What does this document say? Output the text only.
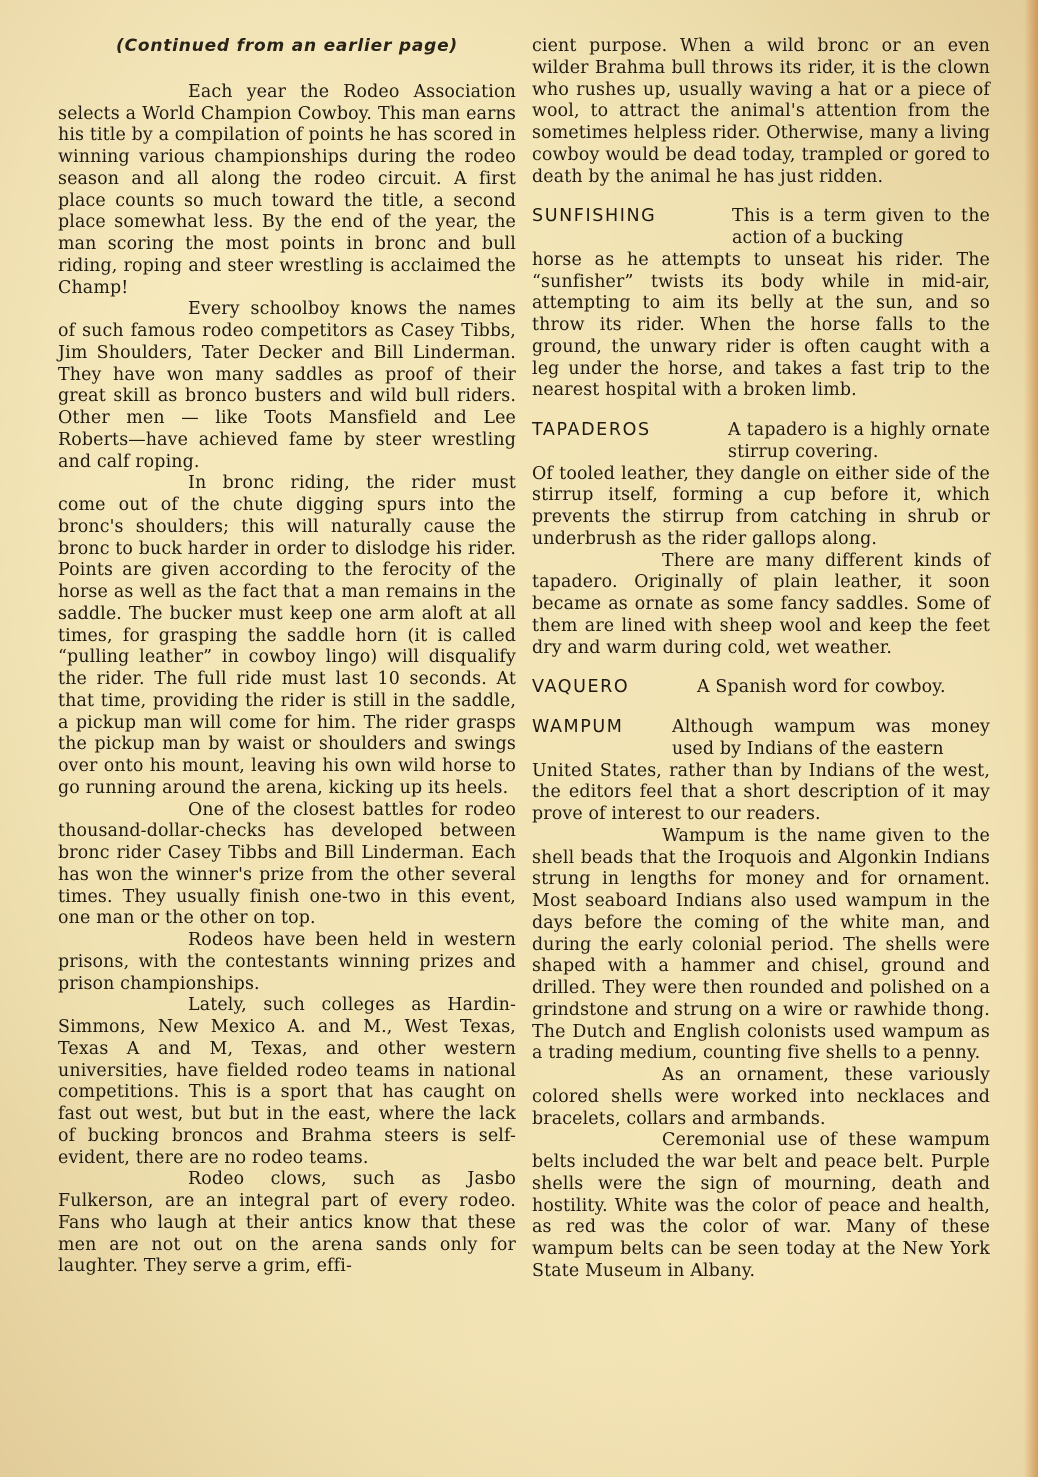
(Continued from an earlier page)

Each year the Rodeo Association selects a World Champion Cowboy. This man earns his title by a compilation of points he has scored in winning various championships during the rodeo season and all along the rodeo circuit. A first place counts so much toward the title, a second place somewhat less. By the end of the year, the man scoring the most points in bronc and bull riding, roping and steer wrestling is acclaimed the Champ!

Every schoolboy knows the names of such famous rodeo competitors as Casey Tibbs, Jim Shoulders, Tater Decker and Bill Linderman. They have won many saddles as proof of their great skill as bronco busters and wild bull riders. Other men — like Toots Mansfield and Lee Roberts—have achieved fame by steer wrestling and calf roping.

In bronc riding, the rider must come out of the chute digging spurs into the bronc's shoulders; this will naturally cause the bronc to buck harder in order to dislodge his rider. Points are given according to the ferocity of the horse as well as the fact that a man remains in the saddle. The bucker must keep one arm aloft at all times, for grasping the saddle horn (it is called “pulling leather” in cowboy lingo) will disqualify the rider. The full ride must last 10 seconds. At that time, providing the rider is still in the saddle, a pickup man will come for him. The rider grasps the pickup man by waist or shoulders and swings over onto his mount, leaving his own wild horse to go running around the arena, kicking up its heels.

One of the closest battles for rodeo thousand-dollar-checks has developed between bronc rider Casey Tibbs and Bill Linderman. Each has won the winner's prize from the other several times. They usually finish one-two in this event, one man or the other on top.

Rodeos have been held in western prisons, with the contestants winning prizes and prison championships.

Lately, such colleges as Hardin-Simmons, New Mexico A. and M., West Texas, Texas A and M, Texas, and other western universities, have fielded rodeo teams in national competitions. This is a sport that has caught on fast out west, but but in the east, where the lack of bucking broncos and Brahma steers is self-evident, there are no rodeo teams.

Rodeo clows, such as Jasbo Fulkerson, are an integral part of every rodeo. Fans who laugh at their antics know that these men are not out on the arena sands only for laughter. They serve a grim, effi-

cient purpose. When a wild bronc or an even wilder Brahma bull throws its rider, it is the clown who rushes up, usually waving a hat or a piece of wool, to attract the animal's attention from the sometimes helpless rider. Otherwise, many a living cowboy would be dead today, trampled or gored to death by the animal he has just ridden.

SUNFISHING	This is a term given to the action of a bucking

horse as he attempts to unseat his rider. The “sunfisher” twists its body while in mid-air, attempting to aim its belly at the sun, and so throw its rider. When the horse falls to the ground, the unwary rider is often caught with a leg under the horse, and takes a fast trip to the nearest hospital with a broken limb.

TAPADEROS	A tapadero is a highly ornate stirrup covering.

Of tooled leather, they dangle on either side of the stirrup itself, forming a cup before it, which prevents the stirrup from catching in shrub or underbrush as the rider gallops along.

There are many different kinds of tapadero. Originally of plain leather, it soon became as ornate as some fancy saddles. Some of them are lined with sheep wool and keep the feet dry and warm during cold, wet weather.

VAQUERO	A Spanish word for cowboy.
WAMPUM	Although wampum was money used by Indians of the eastern

United States, rather than by Indians of the west, the editors feel that a short description of it may prove of interest to our readers.

Wampum is the name given to the shell beads that the Iroquois and Algonkin Indians strung in lengths for money and for ornament. Most seaboard Indians also used wampum in the days before the coming of the white man, and during the early colonial period. The shells were shaped with a hammer and chisel, ground and drilled. They were then rounded and polished on a grindstone and strung on a wire or rawhide thong. The Dutch and English colonists used wampum as a trading medium, counting five shells to a penny.

As an ornament, these variously colored shells were worked into necklaces and bracelets, collars and armbands.

Ceremonial use of these wampum belts included the war belt and peace belt. Purple shells were the sign of mourning, death and hostility. White was the color of peace and health, as red was the color of war. Many of these wampum belts can be seen today at the New York State Museum in Albany.
